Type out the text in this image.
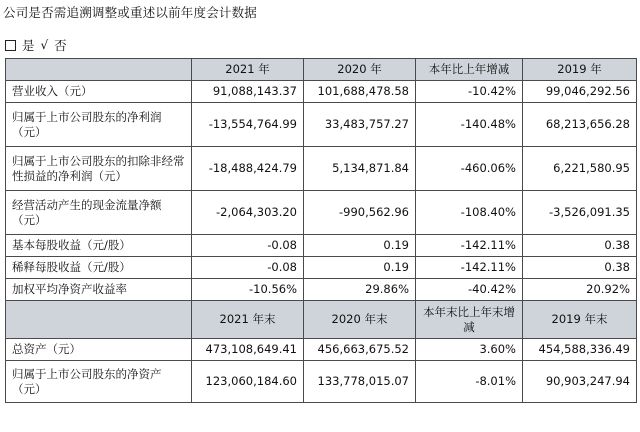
公司是否需追溯调整或重述以前年度会计数据
是 √ 否
	2021 年	2020 年	本年比上年增减	2019 年
营业收入（元）	91,088,143.37	101,688,478.58	-10.42%	99,046,292.56
归属于上市公司股东的净利润（元）	-13,554,764.99	33,483,757.27	-140.48%	68,213,656.28
归属于上市公司股东的扣除非经常性损益的净利润（元）	-18,488,424.79	5,134,871.84	-460.06%	6,221,580.95
经营活动产生的现金流量净额（元）	-2,064,303.20	-990,562.96	-108.40%	-3,526,091.35
基本每股收益（元/股）	-0.08	0.19	-142.11%	0.38
稀释每股收益（元/股）	-0.08	0.19	-142.11%	0.38
加权平均净资产收益率	-10.56%	29.86%	-40.42%	20.92%
	2021 年末	2020 年末	本年末比上年末增减	2019 年末
总资产（元）	473,108,649.41	456,663,675.52	3.60%	454,588,336.49
归属于上市公司股东的净资产（元）	123,060,184.60	133,778,015.07	-8.01%	90,903,247.94
